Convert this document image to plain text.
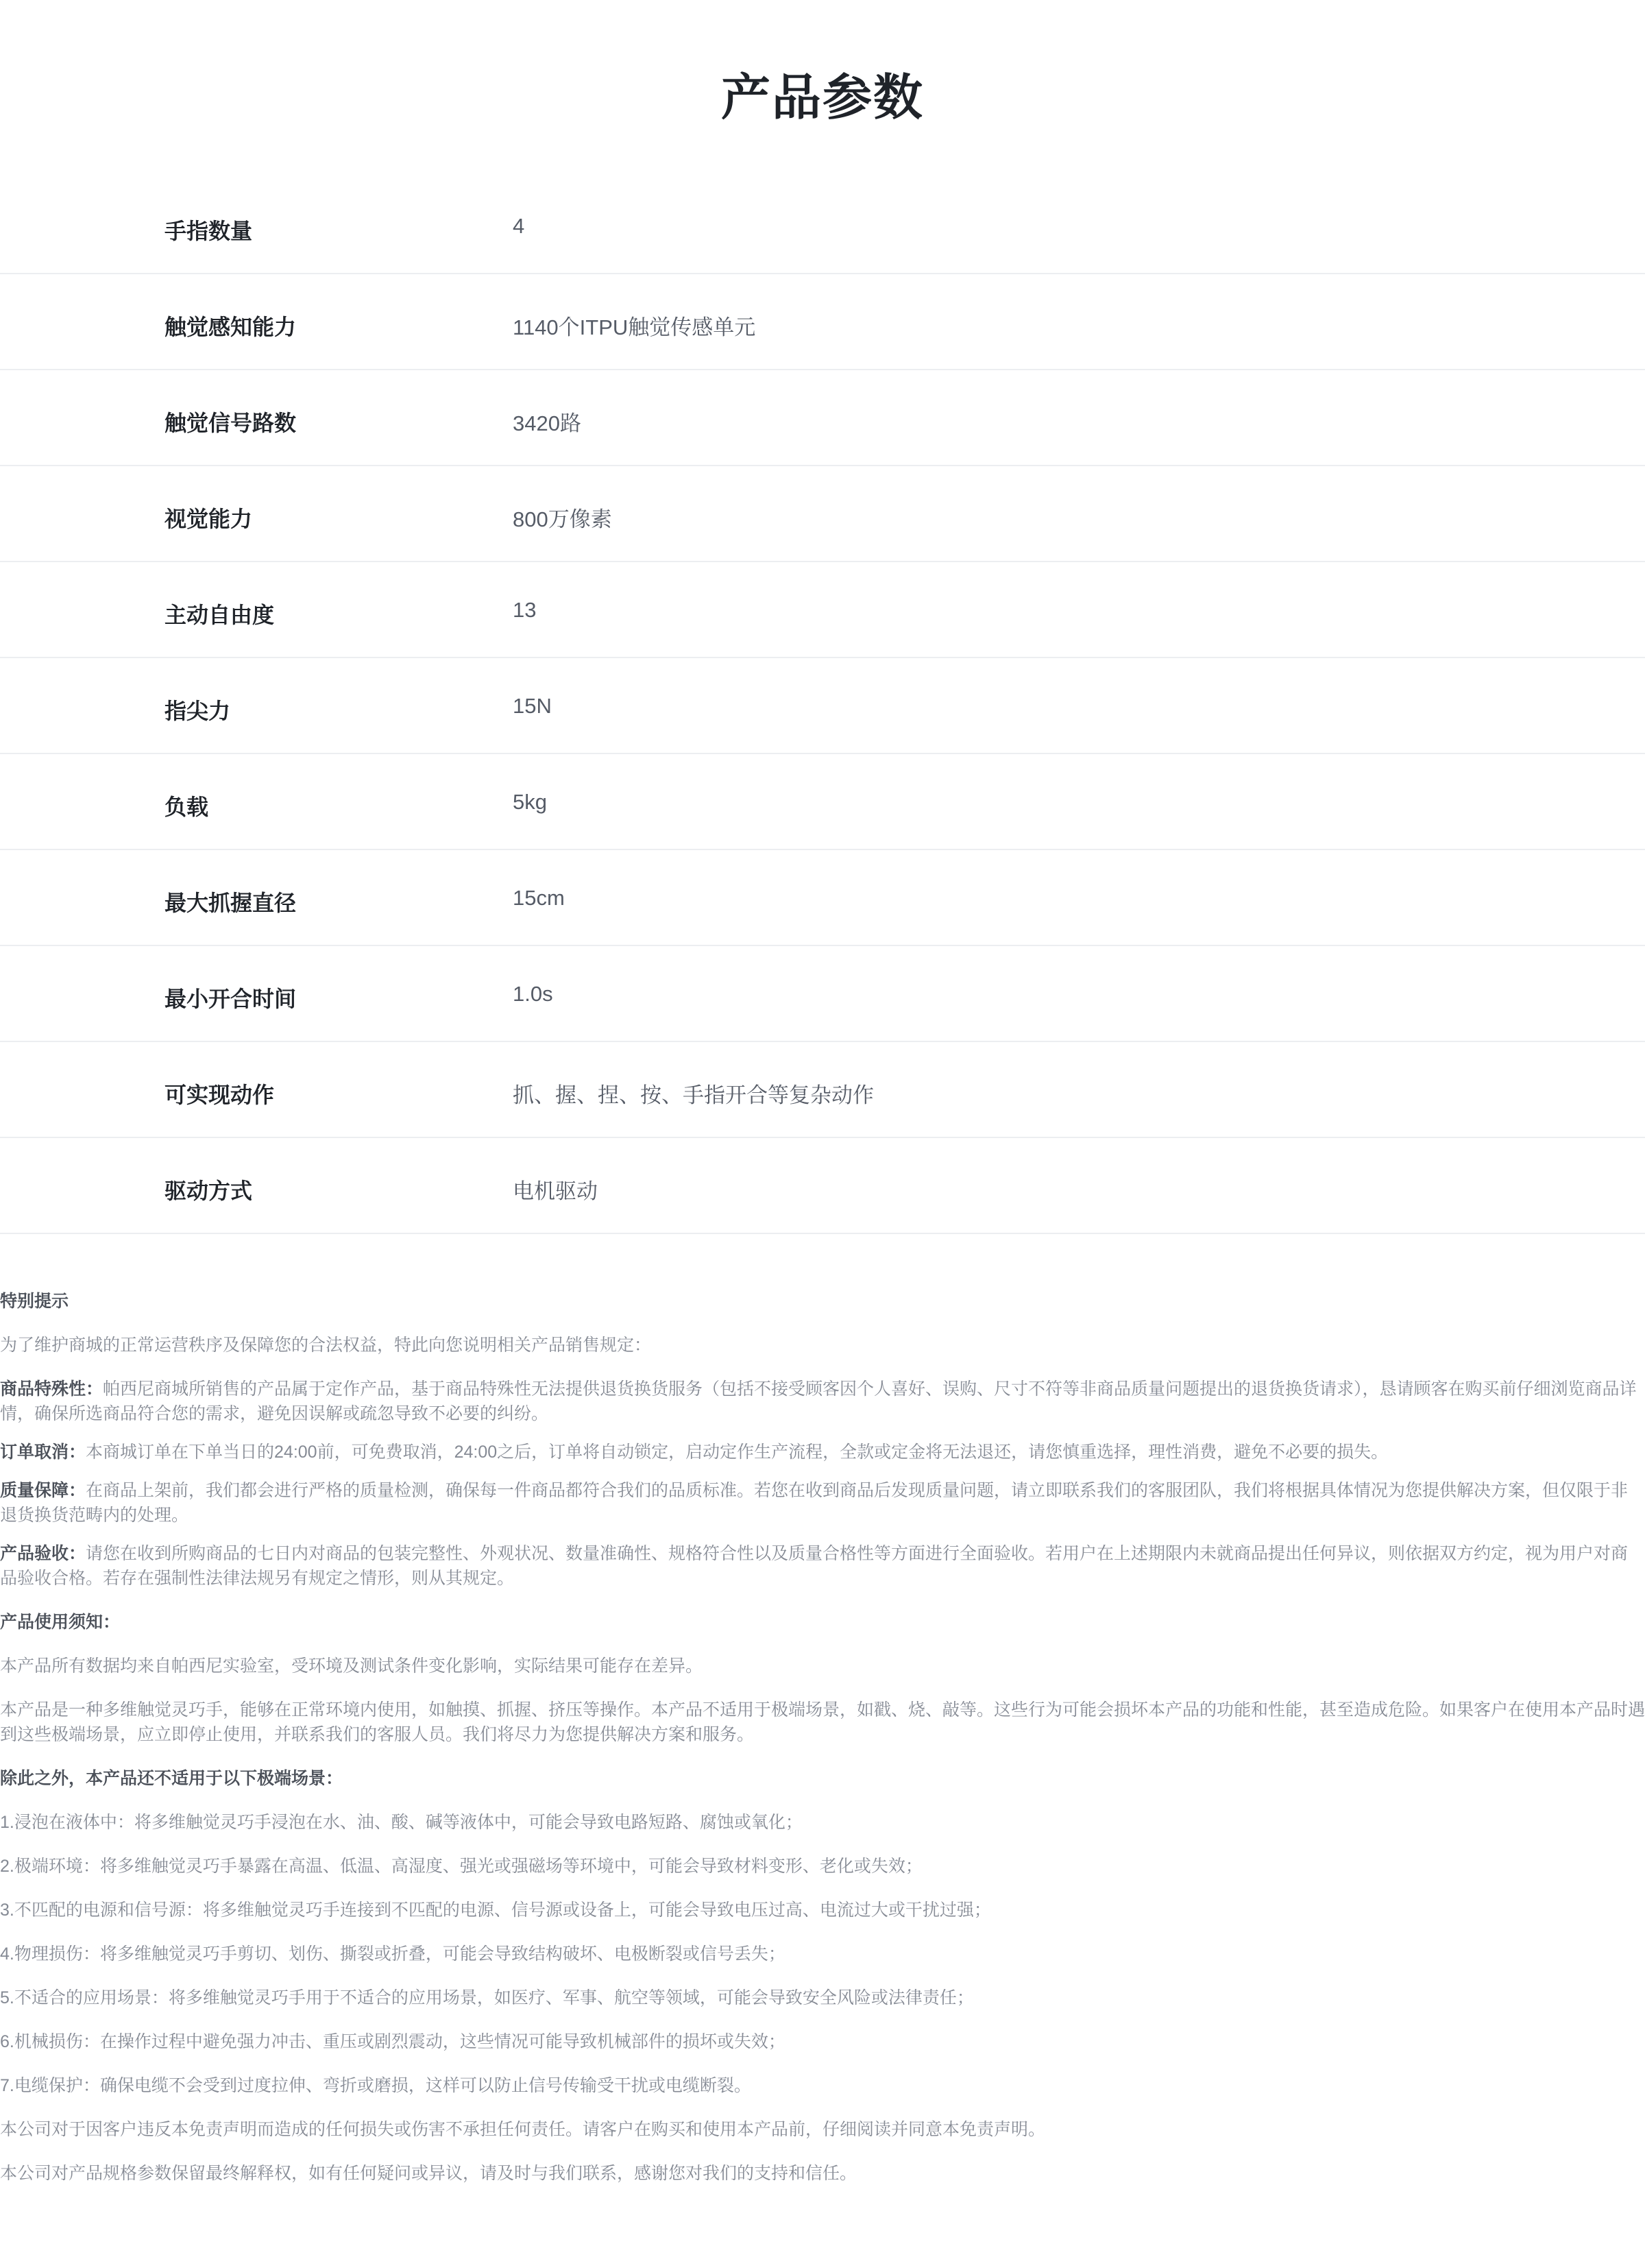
产品参数
手指数量	4
触觉感知能力	1140个ITPU触觉传感单元
触觉信号路数	3420路
视觉能力	800万像素
主动自由度	13
指尖力	15N
负载	5kg
最大抓握直径	15cm
最小开合时间	1.0s
可实现动作	抓、握、捏、按、手指开合等复杂动作
驱动方式	电机驱动

特别提示

为了维护商城的正常运营秩序及保障您的合法权益，特此向您说明相关产品销售规定：

商品特殊性：帕西尼商城所销售的产品属于定作产品，基于商品特殊性无法提供退货换货服务（包括不接受顾客因个人喜好、误购、尺寸不符等非商品质量问题提出的退货换货请求），恳请顾客在购买前仔细浏览商品详情，确保所选商品符合您的需求，避免因误解或疏忽导致不必要的纠纷。

订单取消：本商城订单在下单当日的24:00前，可免费取消，24:00之后，订单将自动锁定，启动定作生产流程，全款或定金将无法退还，请您慎重选择，理性消费，避免不必要的损失。

质量保障：在商品上架前，我们都会进行严格的质量检测，确保每一件商品都符合我们的品质标准。若您在收到商品后发现质量问题，请立即联系我们的客服团队，我们将根据具体情况为您提供解决方案，但仅限于非退货换货范畴内的处理。

产品验收：请您在收到所购商品的七日内对商品的包装完整性、外观状况、数量准确性、规格符合性以及质量合格性等方面进行全面验收。若用户在上述期限内未就商品提出任何异议，则依据双方约定，视为用户对商品验收合格。若存在强制性法律法规另有规定之情形，则从其规定。

产品使用须知：

本产品所有数据均来自帕西尼实验室，受环境及测试条件变化影响，实际结果可能存在差异。

本产品是一种多维触觉灵巧手，能够在正常环境内使用，如触摸、抓握、挤压等操作。本产品不适用于极端场景，如戳、烧、敲等。这些行为可能会损坏本产品的功能和性能，甚至造成危险。如果客户在使用本产品时遇到这些极端场景，应立即停止使用，并联系我们的客服人员。我们将尽力为您提供解决方案和服务。

除此之外，本产品还不适用于以下极端场景：

1.浸泡在液体中：将多维触觉灵巧手浸泡在水、油、酸、碱等液体中，可能会导致电路短路、腐蚀或氧化；

2.极端环境：将多维触觉灵巧手暴露在高温、低温、高湿度、强光或强磁场等环境中，可能会导致材料变形、老化或失效；

3.不匹配的电源和信号源：将多维触觉灵巧手连接到不匹配的电源、信号源或设备上，可能会导致电压过高、电流过大或干扰过强；

4.物理损伤：将多维触觉灵巧手剪切、划伤、撕裂或折叠，可能会导致结构破坏、电极断裂或信号丢失；

5.不适合的应用场景：将多维触觉灵巧手用于不适合的应用场景，如医疗、军事、航空等领域，可能会导致安全风险或法律责任；

6.机械损伤：在操作过程中避免强力冲击、重压或剧烈震动，这些情况可能导致机械部件的损坏或失效；

7.电缆保护：确保电缆不会受到过度拉伸、弯折或磨损，这样可以防止信号传输受干扰或电缆断裂。

本公司对于因客户违反本免责声明而造成的任何损失或伤害不承担任何责任。请客户在购买和使用本产品前，仔细阅读并同意本免责声明。

本公司对产品规格参数保留最终解释权，如有任何疑问或异议，请及时与我们联系，感谢您对我们的支持和信任。
